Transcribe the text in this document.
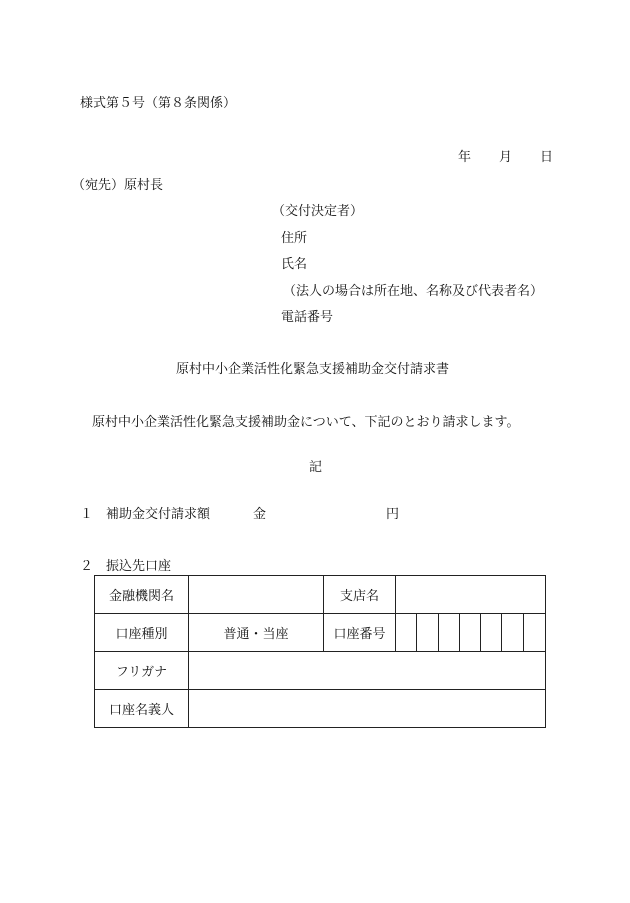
様式第５号（第８条関係）
年 月 日
（宛先）原村長
（交付決定者）
住所
氏名
（法人の場合は所在地、名称及び代表者名）
電話番号
原村中小企業活性化緊急支援補助金交付請求書
原村中小企業活性化緊急支援補助金について、下記のとおり請求します。
記
１ 補助金交付請求額	金	円
２ 振込先口座
金融機関名		支店名							
口座種別	普通・当座	口座番号							
フリガナ									
口座名義人									
